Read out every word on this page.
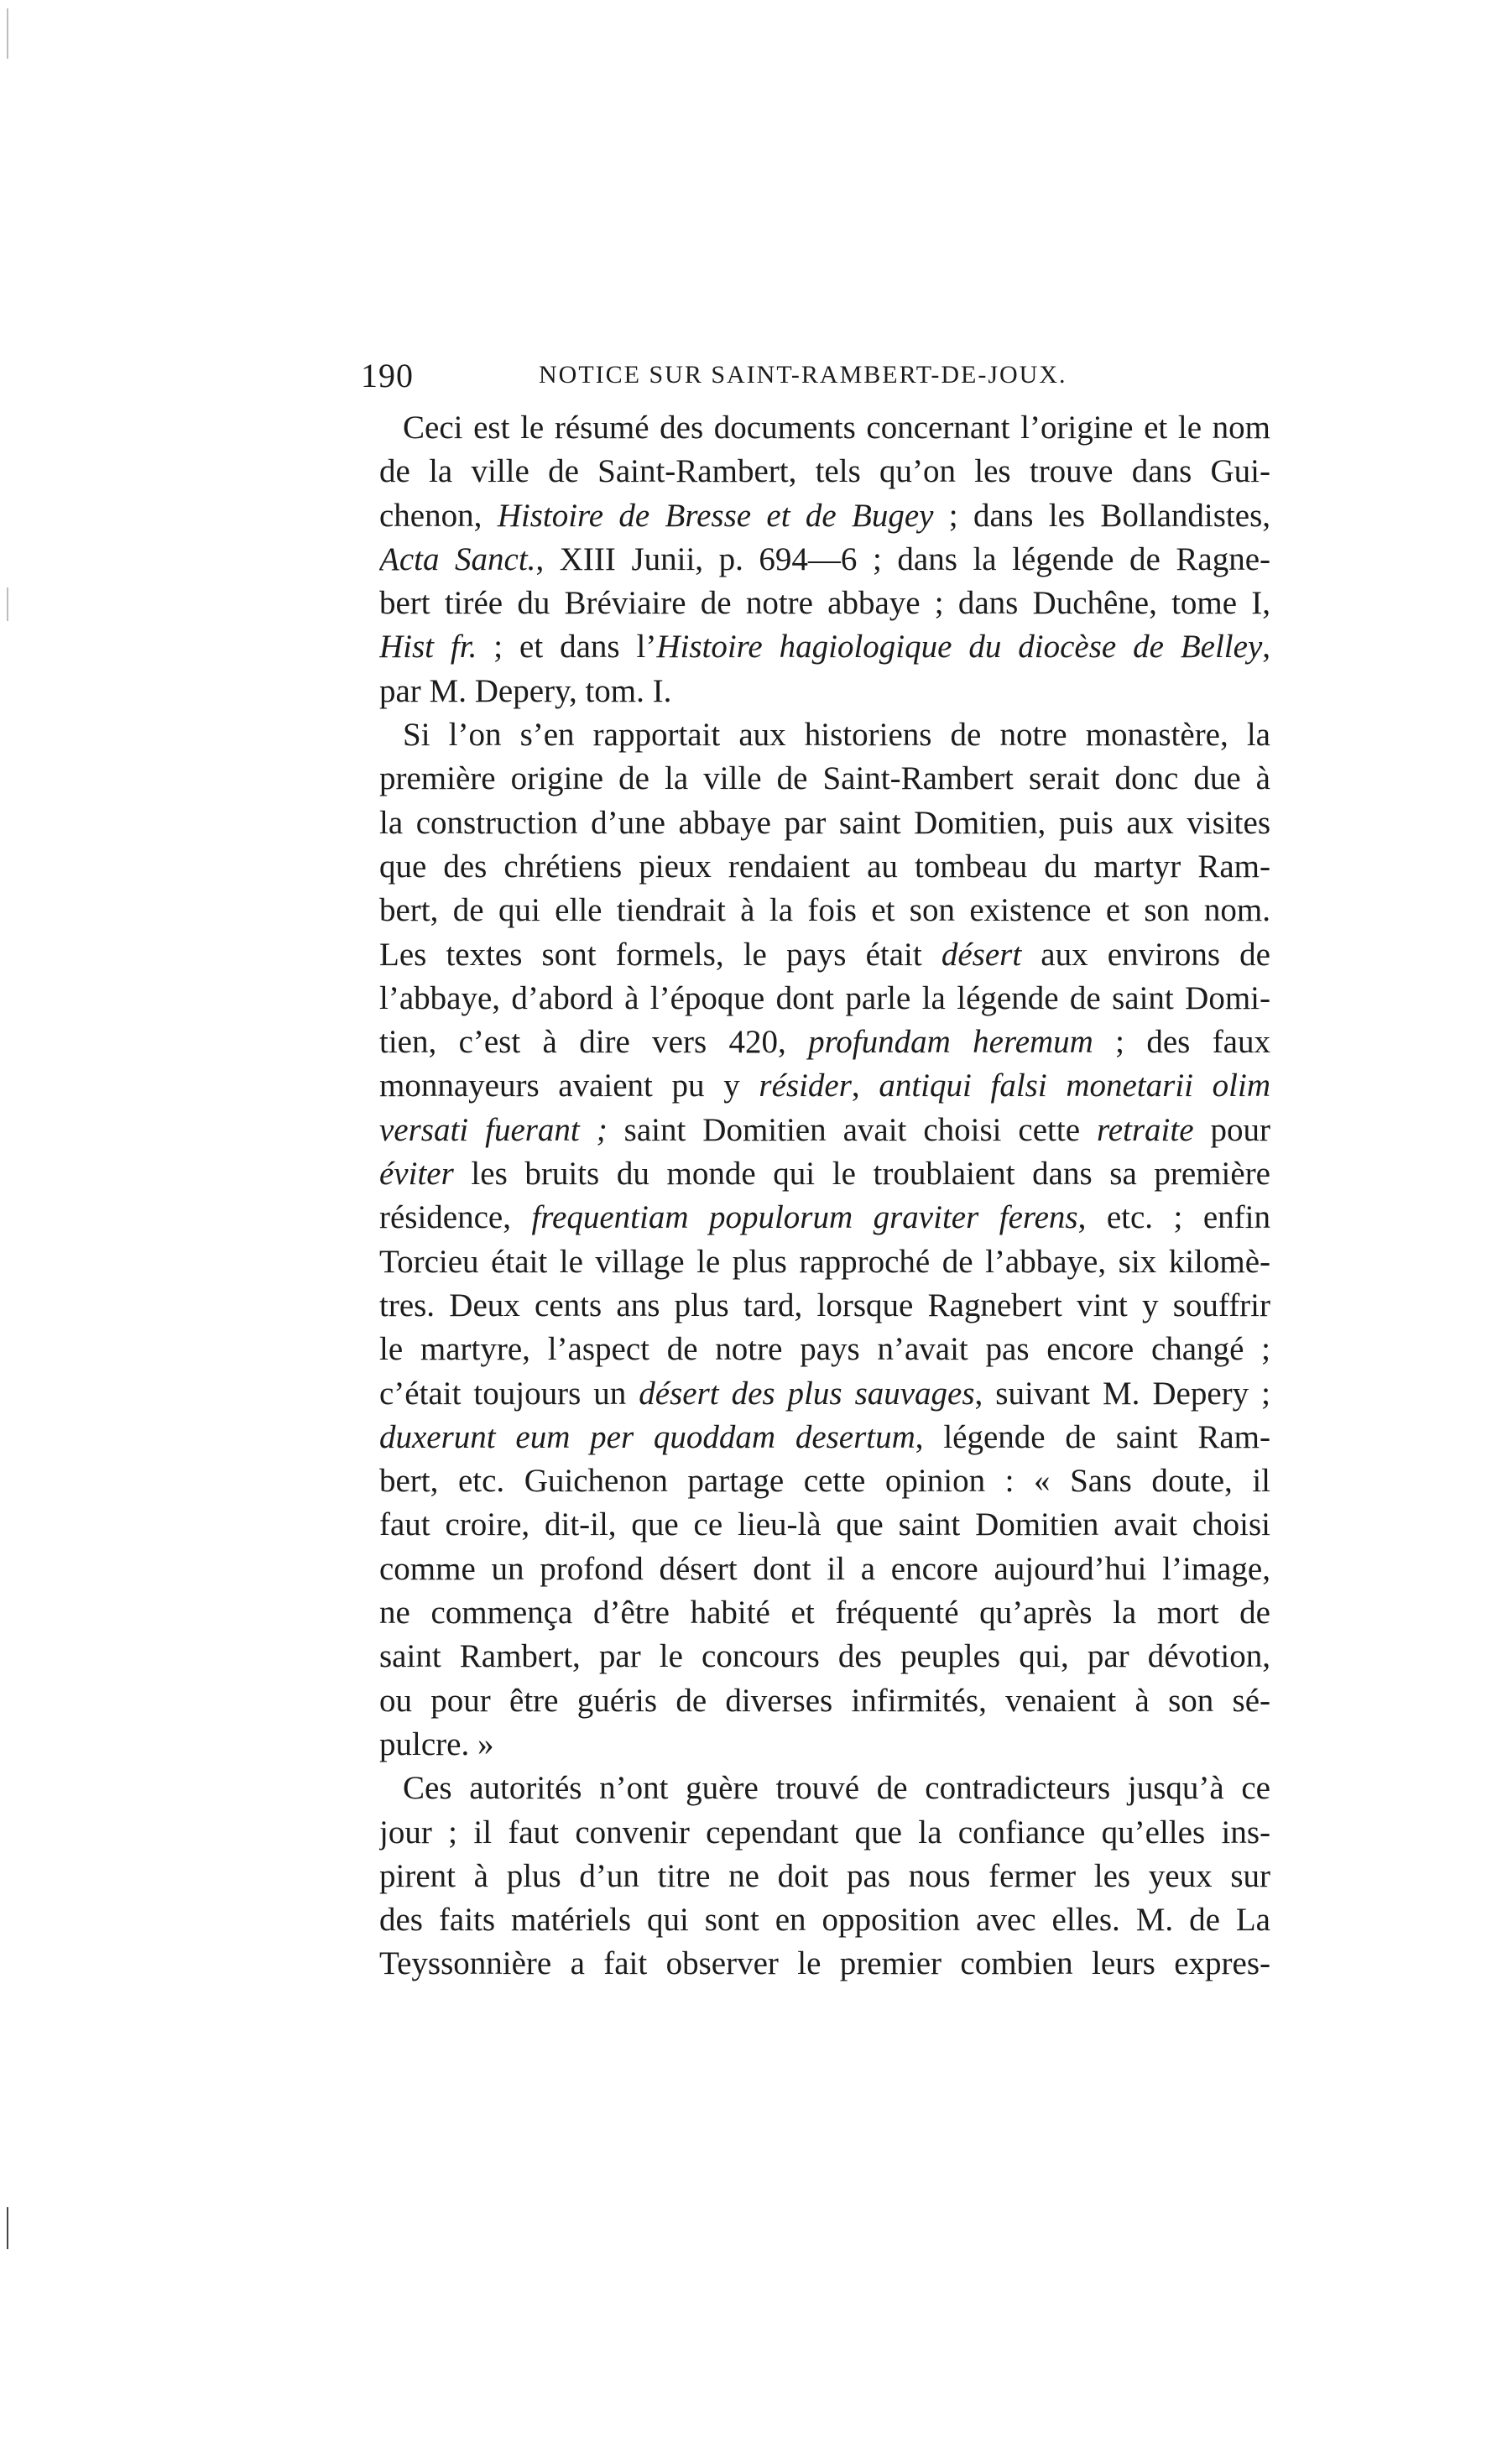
190	NOTICE SUR SAINT-RAMBERT-DE-JOUX.
Ceci est le résumé des documents concernant l’origine et le nom
de la ville de Saint-Rambert, tels qu’on les trouve dans Gui-
chenon, Histoire de Bresse et de Bugey ; dans les Bollandistes,
Acta Sanct., XIII Junii, p. 694—6 ; dans la légende de Ragne-
bert tirée du Bréviaire de notre abbaye ; dans Duchêne, tome I,
Hist fr. ; et dans l’Histoire hagiologique du diocèse de Belley,
par M. Depery, tom. I.
Si l’on s’en rapportait aux historiens de notre monastère, la
première origine de la ville de Saint-Rambert serait donc due à
la construction d’une abbaye par saint Domitien, puis aux visites
que des chrétiens pieux rendaient au tombeau du martyr Ram-
bert, de qui elle tiendrait à la fois et son existence et son nom.
Les textes sont formels, le pays était désert aux environs de
l’abbaye, d’abord à l’époque dont parle la légende de saint Domi-
tien, c’est à dire vers 420, profundam heremum ; des faux
monnayeurs avaient pu y résider, antiqui falsi monetarii olim
versati fuerant ; saint Domitien avait choisi cette retraite pour
éviter les bruits du monde qui le troublaient dans sa première
résidence, frequentiam populorum graviter ferens, etc. ; enfin
Torcieu était le village le plus rapproché de l’abbaye, six kilomè-
tres. Deux cents ans plus tard, lorsque Ragnebert vint y souffrir
le martyre, l’aspect de notre pays n’avait pas encore changé ;
c’était toujours un désert des plus sauvages, suivant M. Depery ;
duxerunt eum per quoddam desertum, légende de saint Ram-
bert, etc. Guichenon partage cette opinion : « Sans doute, il
faut croire, dit-il, que ce lieu-là que saint Domitien avait choisi
comme un profond désert dont il a encore aujourd’hui l’image,
ne commença d’être habité et fréquenté qu’après la mort de
saint Rambert, par le concours des peuples qui, par dévotion,
ou pour être guéris de diverses infirmités, venaient à son sé-
pulcre. »
Ces autorités n’ont guère trouvé de contradicteurs jusqu’à ce
jour ; il faut convenir cependant que la confiance qu’elles ins-
pirent à plus d’un titre ne doit pas nous fermer les yeux sur
des faits matériels qui sont en opposition avec elles. M. de La
Teyssonnière a fait observer le premier combien leurs expres-
